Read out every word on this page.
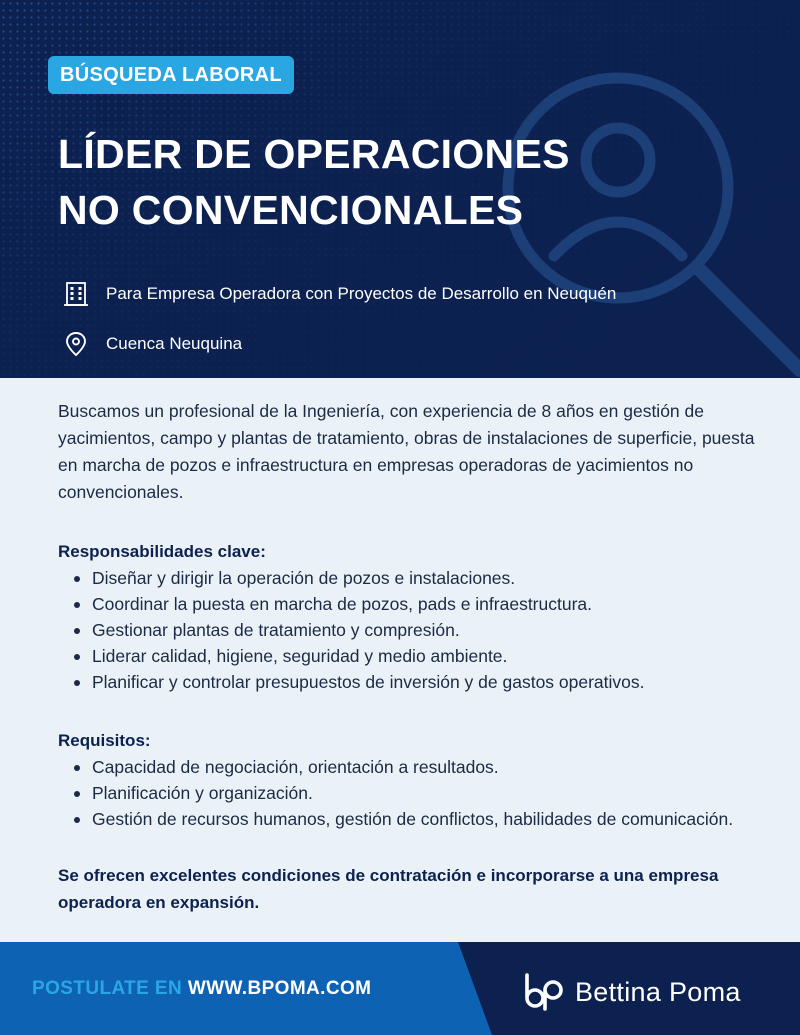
BÚSQUEDA LABORAL
LÍDER DE OPERACIONES
NO CONVENCIONALES
Para Empresa Operadora con Proyectos de Desarrollo en Neuquén
Cuenca Neuquina

Buscamos un profesional de la Ingeniería, con experiencia de 8 años en gestión de yacimientos, campo y plantas de tratamiento, obras de instalaciones de superficie, puesta en marcha de pozos e infraestructura en empresas operadoras de yacimientos no convencionales.

Responsabilidades clave:

Diseñar y dirigir la operación de pozos e instalaciones.
Coordinar la puesta en marcha de pozos, pads e infraestructura.
Gestionar plantas de tratamiento y compresión.
Liderar calidad, higiene, seguridad y medio ambiente.
Planificar y controlar presupuestos de inversión y de gastos operativos.

Requisitos:

Capacidad de negociación, orientación a resultados.
Planificación y organización.
Gestión de recursos humanos, gestión de conflictos, habilidades de comunicación.

Se ofrecen excelentes condiciones de contratación e incorporarse a una empresa operadora en expansión.

POSTULATE EN WWW.BPOMA.COM	Bettina Poma
